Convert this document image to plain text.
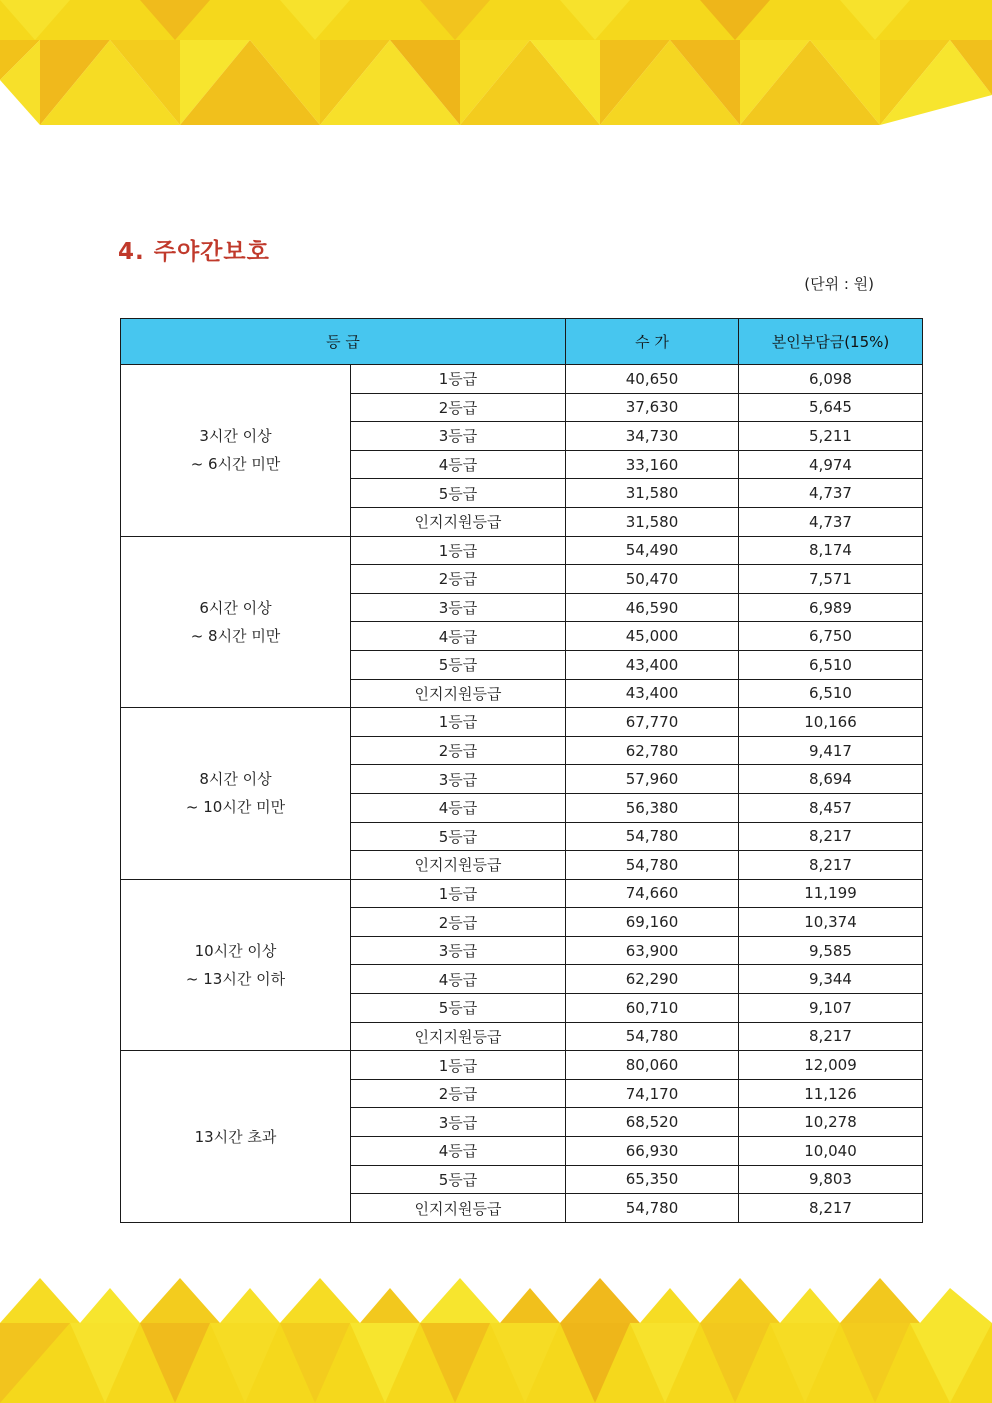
4. 주야간보호
(단위 : 원)
등 급		수 가	본인부담금(15%)

3시간 이상
~ 6시간 미만	1등급	40,650	6,098
	2등급	37,630	5,645
	3등급	34,730	5,211
	4등급	33,160	4,974
	5등급	31,580	4,737
	인지지원등급	31,580	4,737

6시간 이상
~ 8시간 미만	1등급	54,490	8,174
	2등급	50,470	7,571
	3등급	46,590	6,989
	4등급	45,000	6,750
	5등급	43,400	6,510
	인지지원등급	43,400	6,510

8시간 이상
~ 10시간 미만	1등급	67,770	10,166
	2등급	62,780	9,417
	3등급	57,960	8,694
	4등급	56,380	8,457
	5등급	54,780	8,217
	인지지원등급	54,780	8,217

10시간 이상
~ 13시간 이하	1등급	74,660	11,199
	2등급	69,160	10,374
	3등급	63,900	9,585
	4등급	62,290	9,344
	5등급	60,710	9,107
	인지지원등급	54,780	8,217

13시간 초과	1등급	80,060	12,009
	2등급	74,170	11,126
	3등급	68,520	10,278
	4등급	66,930	10,040
	5등급	65,350	9,803
	인지지원등급	54,780	8,217
